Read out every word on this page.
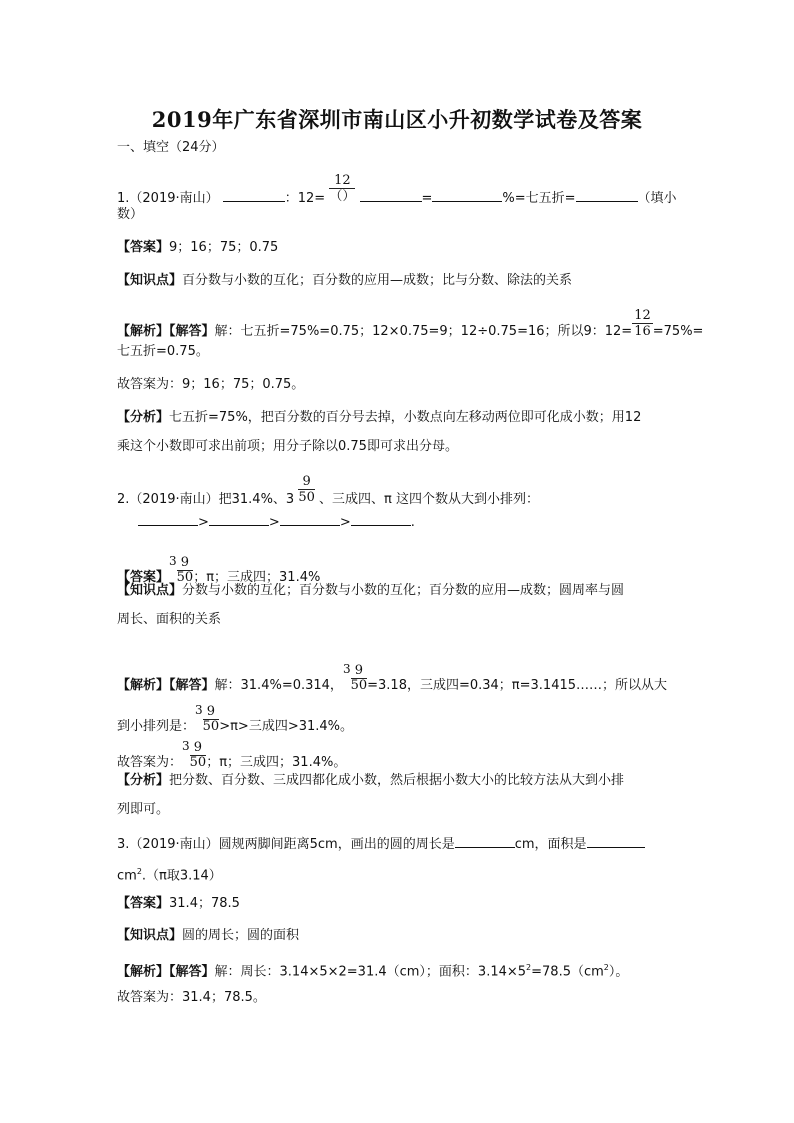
2019年广东省深圳市南山区小升初数学试卷及答案
一、填空（24分）
1.（2019·南山）	：$12= \frac{12}{()}$	=	%=七五折=	（填小
数）
【答案】9；16；75；0.75
【知识点】百分数与小数的互化；百分数的应用—成数；比与分数、除法的关系
【解析】【解答】解：七五折=75%=0.75；12×0.75=9；12÷0.75=16；所以9：$12= \frac{12}{16} =75\%=$
七五折=0.75。
故答案为：9；16；75；0.75。
【分析】七五折=75%，把百分数的百分号去掉，小数点向左移动两位即可化成小数；用12
乘这个小数即可求出前项；用分子除以0.75即可求出分母。
2.（2019·南山）把31.4%、$3 \frac{9}{50}$ 、三成四、π 这四个数从大到小排列：
>	>	>	.
【答案】$3 \frac{9}{50}$ ；π；三成四；31.4%
【知识点】分数与小数的互化；百分数与小数的互化；百分数的应用—成数；圆周率与圆
周长、面积的关系
【解析】【解答】解：31.4%=0.314，$3 \frac{9}{50} =3.18$，三成四=0.34；π=3.1415……；所以从大
到小排列是：$3 \frac{9}{50} >\pi>$三成四>31.4%。
故答案为：$3 \frac{9}{50}$ ；π；三成四；31.4%。
【分析】把分数、百分数、三成四都化成小数，然后根据小数大小的比较方法从大到小排
列即可。
3.（2019·南山）圆规两脚间距离5cm，画出的圆的周长是	cm，面积是
$cm^2.(\pi$取3.14）
【答案】31.4；78.5
【知识点】圆的周长；圆的面积
【解析】【解答】解：周长：3.14×5×2=31.4（cm）；面积：$3.14\times 5^2=78.5(cm^2)$。
故答案为：31.4；78.5。
